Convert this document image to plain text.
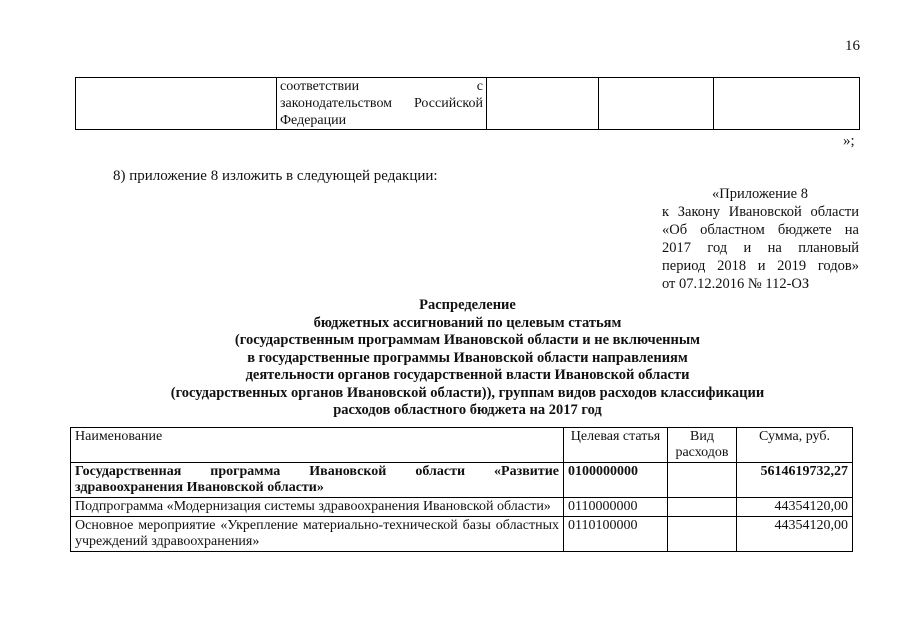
16

соответствии с
законодательством Российской
Федерации

»;
8) приложение 8 изложить в следующей редакции:
«Приложение 8
к Закону Ивановской области
«Об областном бюджете на
2017 год и на плановый
период 2018 и 2019 годов»
от 07.12.2016 № 112-ОЗ
Распределение
бюджетных ассигнований по целевым статьям
(государственным программам Ивановской области и не включенным
в государственные программы Ивановской области направлениям
деятельности органов государственной власти Ивановской области
(государственных органов Ивановской области)), группам видов расходов классификации
расходов областного бюджета на 2017 год
Наименование	Целевая статья	Вид расходов	Сумма, руб.
Государственная программа Ивановской области «Развитие здравоохранения Ивановской области»	0100000000		5614619732,27
Подпрограмма «Модернизация системы здравоохранения Ивановской области»	0110000000		44354120,00
Основное мероприятие «Укрепление материально-технической базы областных учреждений здравоохранения»	0110100000		44354120,00
